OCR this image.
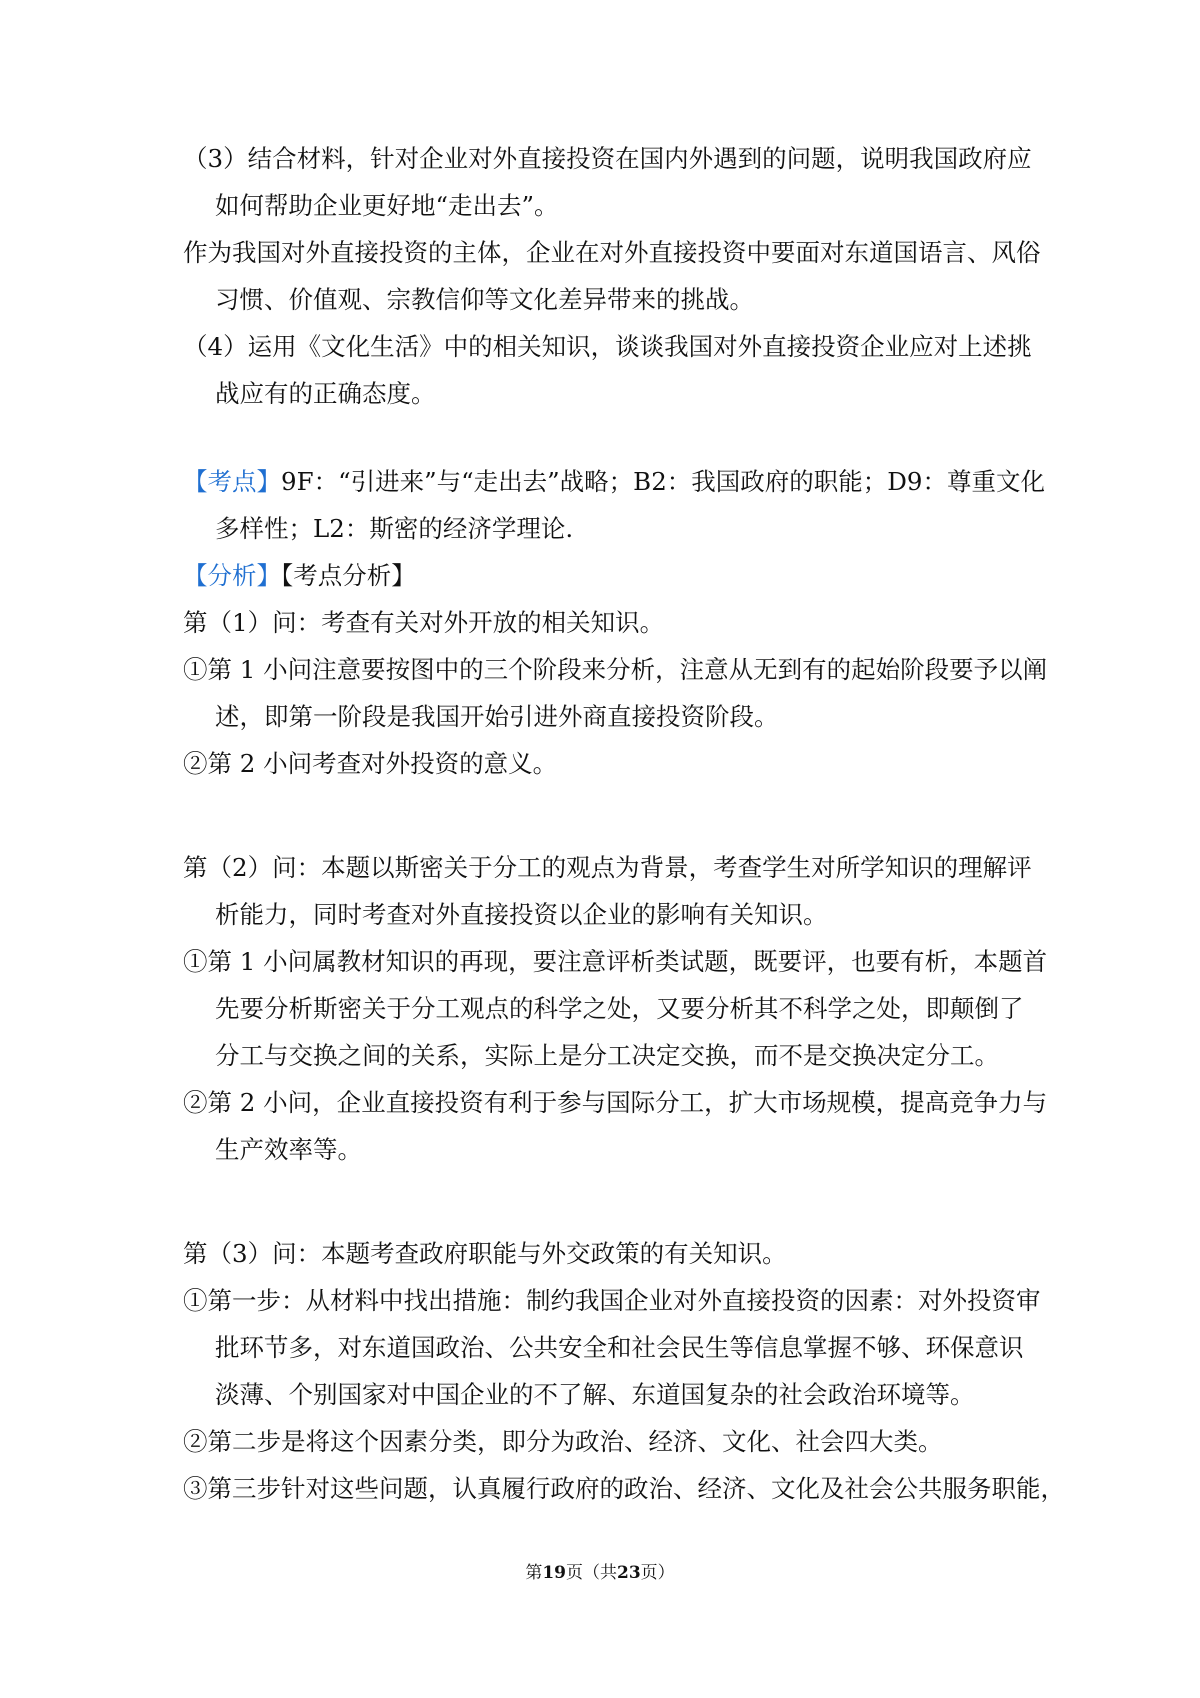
（3）结合材料，针对企业对外直接投资在国内外遇到的问题，说明我国政府应
如何帮助企业更好地“走出去”。
作为我国对外直接投资的主体，企业在对外直接投资中要面对东道国语言、风俗
习惯、价值观、宗教信仰等文化差异带来的挑战。
（4）运用《文化生活》中的相关知识，谈谈我国对外直接投资企业应对上述挑
战应有的正确态度。
【考点】9F：“引进来”与“走出去”战略；B2：我国政府的职能；D9：尊重文化
多样性；L2：斯密的经济学理论.
【分析】【考点分析】
第（1）问：考查有关对外开放的相关知识。
①第 1 小问注意要按图中的三个阶段来分析，注意从无到有的起始阶段要予以阐
述，即第一阶段是我国开始引进外商直接投资阶段。
②第 2 小问考查对外投资的意义。
第（2）问：本题以斯密关于分工的观点为背景，考查学生对所学知识的理解评
析能力，同时考查对外直接投资以企业的影响有关知识。
①第 1 小问属教材知识的再现，要注意评析类试题，既要评，也要有析，本题首
先要分析斯密关于分工观点的科学之处，又要分析其不科学之处，即颠倒了
分工与交换之间的关系，实际上是分工决定交换，而不是交换决定分工。
②第 2 小问，企业直接投资有利于参与国际分工，扩大市场规模，提高竞争力与
生产效率等。
第（3）问：本题考查政府职能与外交政策的有关知识。
①第一步：从材料中找出措施：制约我国企业对外直接投资的因素：对外投资审
批环节多，对东道国政治、公共安全和社会民生等信息掌握不够、环保意识
淡薄、个别国家对中国企业的不了解、东道国复杂的社会政治环境等。
②第二步是将这个因素分类，即分为政治、经济、文化、社会四大类。
③第三步针对这些问题，认真履行政府的政治、经济、文化及社会公共服务职能，
第19页（共23页）
